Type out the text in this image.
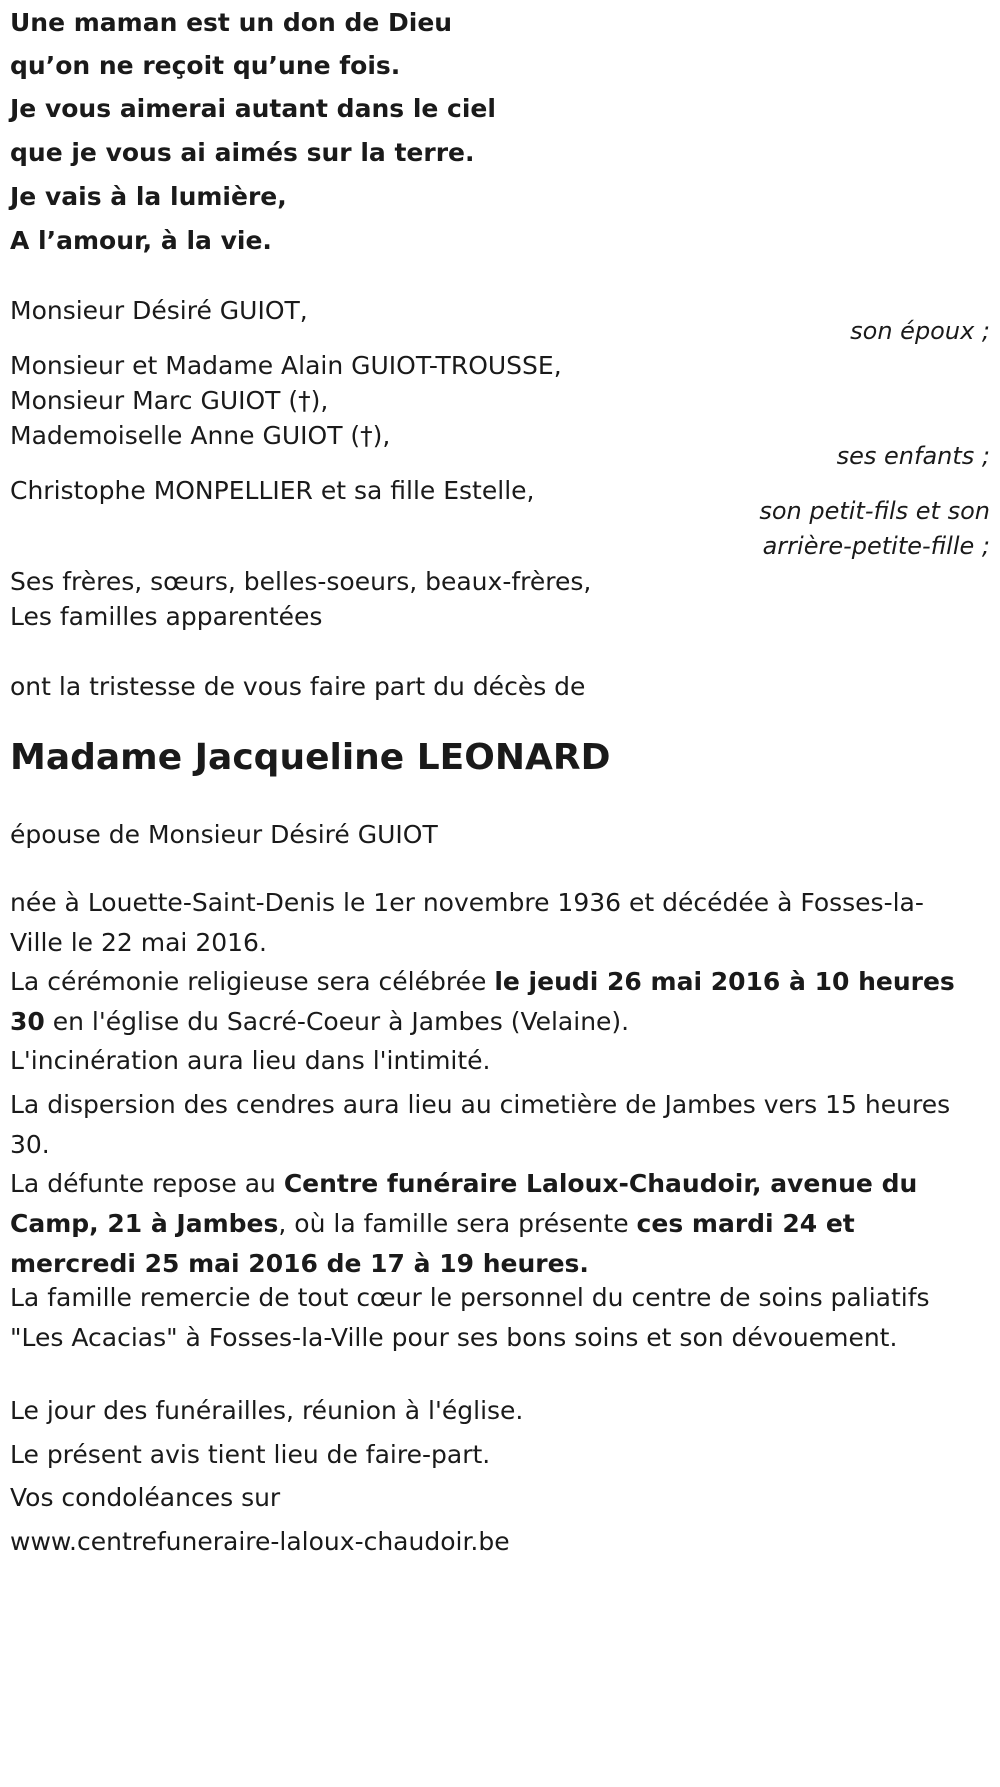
Une maman est un don de Dieu
qu’on ne reçoit qu’une fois.
Je vous aimerai autant dans le ciel
que je vous ai aimés sur la terre.
Je vais à la lumière,
A l’amour, à la vie.
Monsieur Désiré GUIOT,
son époux ;
Monsieur et Madame Alain GUIOT-TROUSSE,
Monsieur Marc GUIOT (†),
Mademoiselle Anne GUIOT (†),
ses enfants ;
Christophe MONPELLIER et sa fille Estelle,
son petit-fils et son
arrière-petite-fille ;
Ses frères, sœurs, belles-soeurs, beaux-frères,
Les familles apparentées
ont la tristesse de vous faire part du décès de
Madame Jacqueline LEONARD
épouse de Monsieur Désiré GUIOT
née à Louette-Saint-Denis le 1er novembre 1936 et décédée à Fosses-la-Ville le 22 mai 2016.
La cérémonie religieuse sera célébrée le jeudi 26 mai 2016 à 10 heures 30 en l'église du Sacré-Coeur à Jambes (Velaine).
L'incinération aura lieu dans l'intimité.
La dispersion des cendres aura lieu au cimetière de Jambes vers 15 heures 30.
La défunte repose au Centre funéraire Laloux-Chaudoir, avenue du Camp, 21 à Jambes, où la famille sera présente ces mardi 24 et mercredi 25 mai 2016 de 17 à 19 heures.
La famille remercie de tout cœur le personnel du centre de soins paliatifs "Les Acacias" à Fosses-la-Ville pour ses bons soins et son dévouement.
Le jour des funérailles, réunion à l'église.
Le présent avis tient lieu de faire-part.
Vos condoléances sur
www.centrefuneraire-laloux-chaudoir.be
